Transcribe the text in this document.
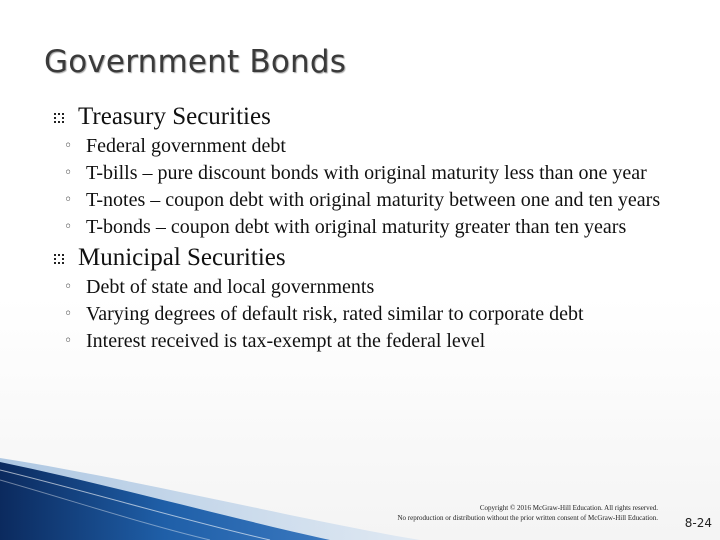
Government Bonds
Treasury Securities
◦ Federal government debt
◦ T-bills – pure discount bonds with original maturity less than one year
◦ T-notes – coupon debt with original maturity between one and ten years
◦ T-bonds – coupon debt with original maturity greater than ten years
Municipal Securities
◦ Debt of state and local governments
◦ Varying degrees of default risk, rated similar to corporate debt
◦ Interest received is tax-exempt at the federal level
Copyright © 2016 McGraw-Hill Education. All rights reserved.
No reproduction or distribution without the prior written consent of McGraw-Hill Education. 8-24
